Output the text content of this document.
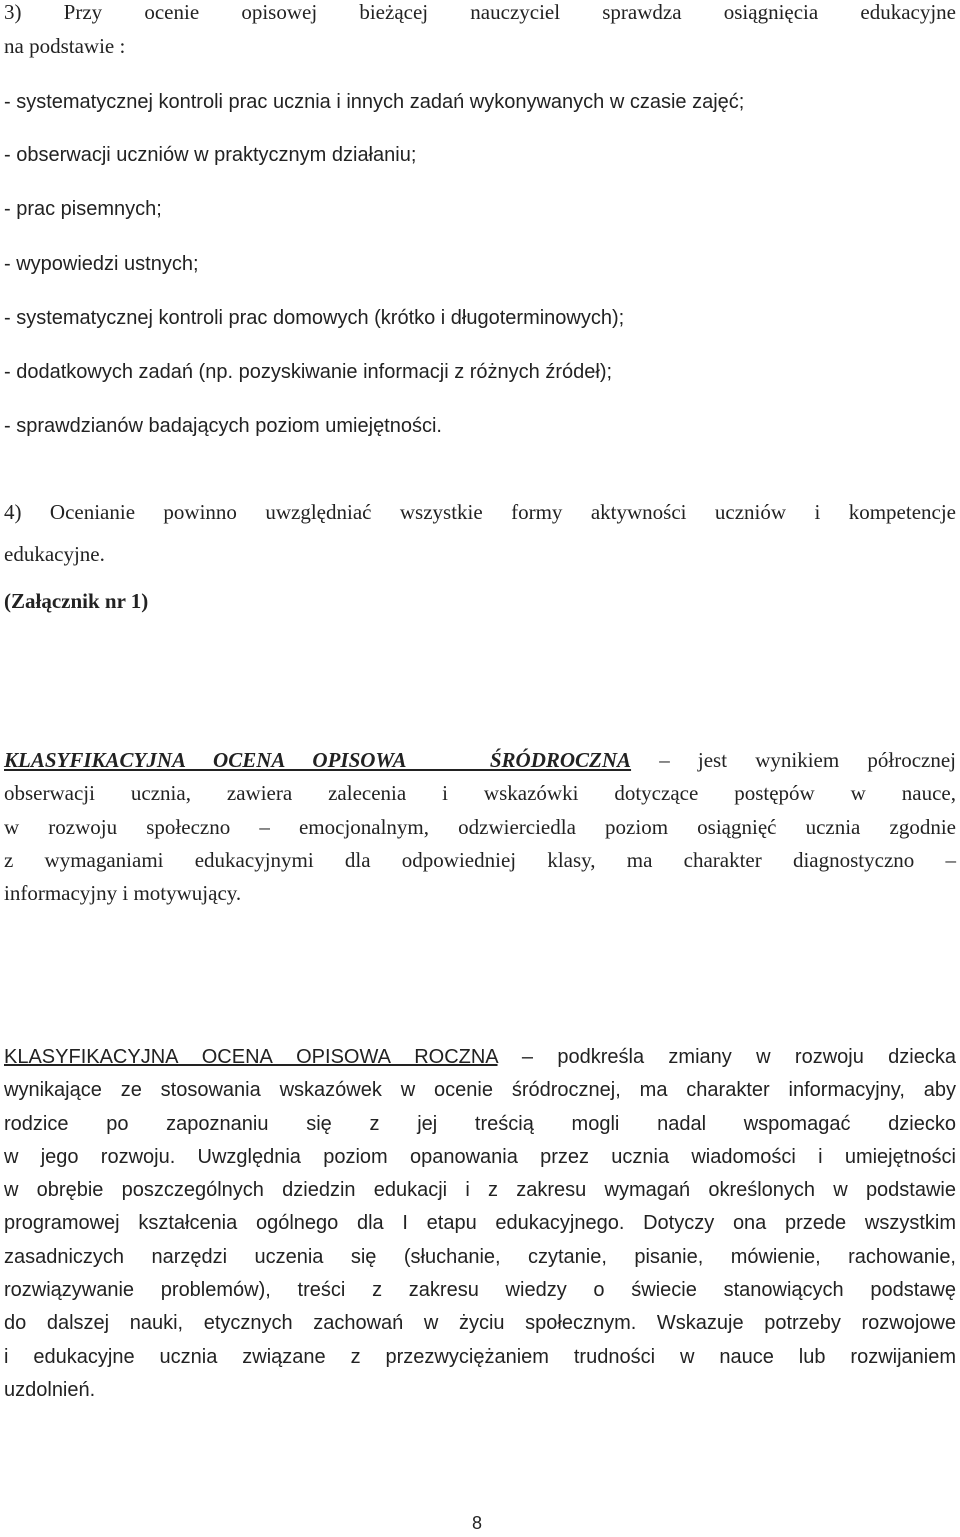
3) Przy ocenie opisowej bieżącej nauczyciel sprawdza osiągnięcia edukacyjne
na podstawie :
- systematycznej kontroli prac ucznia i innych zadań wykonywanych w czasie zajęć;
- obserwacji uczniów w praktycznym działaniu;
- prac pisemnych;
- wypowiedzi ustnych;
- systematycznej kontroli prac domowych (krótko i długoterminowych);
- dodatkowych zadań (np. pozyskiwanie informacji z różnych źródeł);
- sprawdzianów badających poziom umiejętności.
4) Ocenianie powinno uwzględniać wszystkie formy aktywności uczniów i kompetencje
edukacyjne.
(Załącznik nr 1)
KLASYFIKACYJNA OCENA OPISOWA   ŚRÓDROCZNA – jest wynikiem półrocznej
obserwacji ucznia, zawiera zalecenia i wskazówki dotyczące postępów w nauce,
w rozwoju społeczno – emocjonalnym, odzwierciedla poziom osiągnięć ucznia zgodnie
z wymaganiami edukacyjnymi dla odpowiedniej klasy, ma charakter diagnostyczno –
informacyjny i motywujący.
KLASYFIKACYJNA OCENA OPISOWA ROCZNA – podkreśla zmiany w rozwoju dziecka
wynikające ze stosowania wskazówek w ocenie śródrocznej, ma charakter informacyjny, aby
rodzice po zapoznaniu się z jej treścią mogli nadal wspomagać dziecko
w jego rozwoju. Uwzględnia poziom opanowania przez ucznia wiadomości i umiejętności
w obrębie poszczególnych dziedzin edukacji i z zakresu wymagań określonych w podstawie
programowej kształcenia ogólnego dla I etapu edukacyjnego. Dotyczy ona przede wszystkim
zasadniczych narzędzi uczenia się (słuchanie, czytanie, pisanie, mówienie, rachowanie,
rozwiązywanie problemów), treści z zakresu wiedzy o świecie stanowiących podstawę
do dalszej nauki, etycznych zachowań w życiu społecznym. Wskazuje potrzeby rozwojowe
i edukacyjne ucznia związane z przezwyciężaniem trudności w nauce lub rozwijaniem
uzdolnień.
8
